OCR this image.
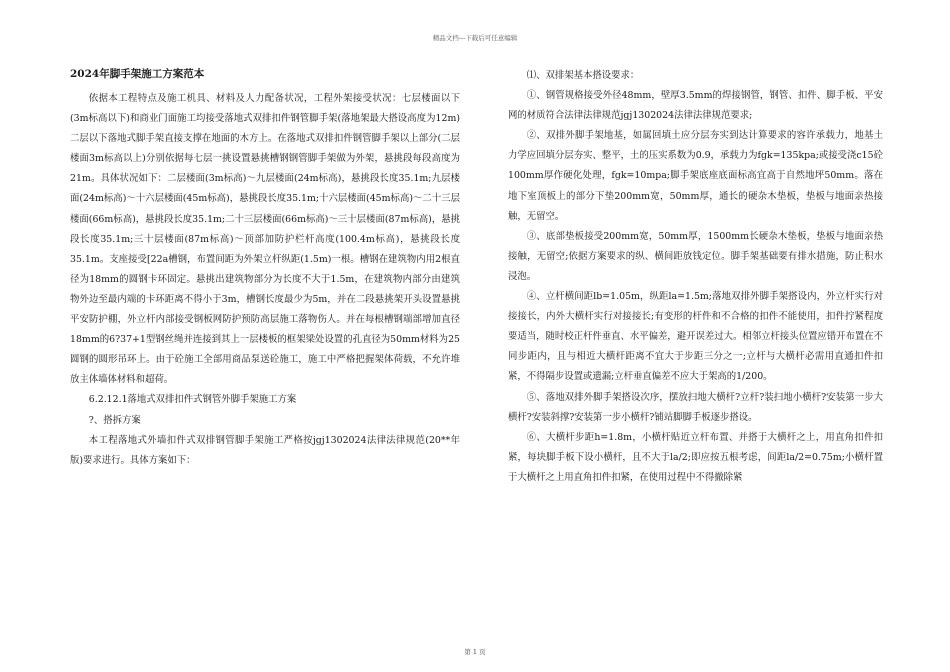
精品文档---下载后可任意编辑
2024年脚手架施工方案范本

依据本工程特点及施工机具、材料及人力配备状况，工程外架接受状况：七层楼面以下(3m标高以下)和商业门面施工均接受落地式双排扣件钢管脚手架(落地架最大搭设高度为12m)二层以下落地式脚手架直接支撑在地面的木方上。在落地式双排扣件钢管脚手架以上部分(二层楼面3m标高以上)分别依据每七层一挑设置悬挑槽钢钢管脚手架做为外架，悬挑段每段高度为21m。具体状况如下：二层楼面(3m标高)～九层楼面(24m标高)，悬挑段长度35.1m;九层楼面(24m标高)～十六层楼面(45m标高)，悬挑段长度35.1m;十六层楼面(45m标高)～二十三层楼面(66m标高)，悬挑段长度35.1m;二十三层楼面(66m标高)～三十层楼面(87m标高)，悬挑段长度35.1m;三十层楼面(87m标高)～顶部加防护栏杆高度(100.4m标高)，悬挑段长度35.1m。支座接受[22a槽钢，布置间距为外架立杆纵距(1.5m)一根。槽钢在建筑物内用2根直径为18mm的圆钢卡环固定。悬挑出建筑物部分为长度不大于1.5m，在建筑物内部分由建筑物外边至最内端的卡环距离不得小于3m，槽钢长度最少为5m，并在二段悬挑架开头设置悬挑平安防护棚，外立杆内部接受钢板网防护预防高层施工落物伤人。并在每根槽钢端部增加直径18mm的6?37+1型钢丝绳并连接到其上一层楼板的框架梁处设置的孔直径为50mm材料为25圆钢的圆形吊环上。由于砼施工全部用商品泵送砼施工，施工中严格把握架体荷载，不允许堆放主体墙体材料和超荷。

6.2.12.1落地式双排扣件式钢管外脚手架施工方案

?、搭拆方案

本工程落地式外墙扣件式双排钢管脚手架施工严格按jgj1302024法律法律规范(20**年版)要求进行。具体方案如下：

⑴、双排架基本搭设要求：

①、钢管规格接受外径48mm，壁厚3.5mm的焊接钢管，钢管、扣件、脚手板、平安网的材质符合法律法律规范jgj1302024法律法律规范要求;

②、双排外脚手架地基，如属回填土应分层夯实到达计算要求的容许承载力，地基土力学应回填分层夯实、整平，土的压实系数为0.9，承载力为fgk=135kpa;或接受浇c15砼100mm厚作硬化处理，fgk=10mpa;脚手架底座底面标高宜高于自然地坪50mm。落在地下室顶板上的部分下垫200mm宽，50mm厚，通长的硬杂木垫板，垫板与地面亲热接触，无留空。

③、底部垫板接受200mm宽，50mm厚，1500mm长硬杂木垫板，垫板与地面亲热接触，无留空;依据方案要求的纵、横间距放钱定位。脚手架基础要有排水措施，防止积水浸泡。

④、立杆横间距lb=1.05m，纵距la=1.5m;落地双排外脚手架搭设内，外立杆实行对接接长，内外大横杆实行对接接长;有变形的杆件和不合格的扣件不能使用，扣件拧紧程度要适当，随时校正杆件垂直、水平偏差，避开误差过大。相邻立杆接头位置应错开布置在不同步距内，且与相近大横杆距离不宜大于步距三分之一;立杆与大横杆必需用直通扣件扣紧，不得隔步设置或遗漏;立杆垂直偏差不应大于架高的1/200。

⑤、落地双排外脚手架搭设次序，摆放扫地大横杆?立杆?装扫地小横杆?安装第一步大横杆?安装斜撑?安装第一步小横杆?铺站脚脚手板逐步搭设。

⑥、大横杆步距h=1.8m，小横杆贴近立杆布置、并搭于大横杆之上，用直角扣件扣紧，每块脚手板下设小横杆，且不大于la/2;即应按五根考虑，间距la/2=0.75m;小横杆置于大横杆之上用直角扣件扣紧，在使用过程中不得撤除紧

第 1 页
